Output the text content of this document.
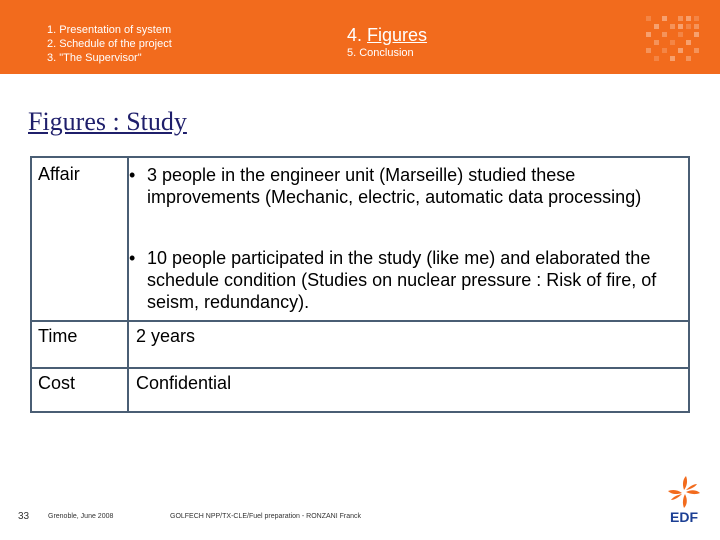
1. Presentation of system
2. Schedule of the project
3. "The Supervisor"
4. Figures
5. Conclusion
Figures : Study
Affair	• 3 people in the engineer unit (Marseille) studied these improvements (Mechanic, electric, automatic data processing)
• 10 people participated in the study (like me) and elaborated the schedule condition (Studies on nuclear pressure : Risk of fire, of seism, redundancy).
Time	2 years
Cost	Confidential
33	Grenoble, June 2008	GOLFECH NPP/TX-CLE/Fuel preparation - RONZANI Franck	EDF
